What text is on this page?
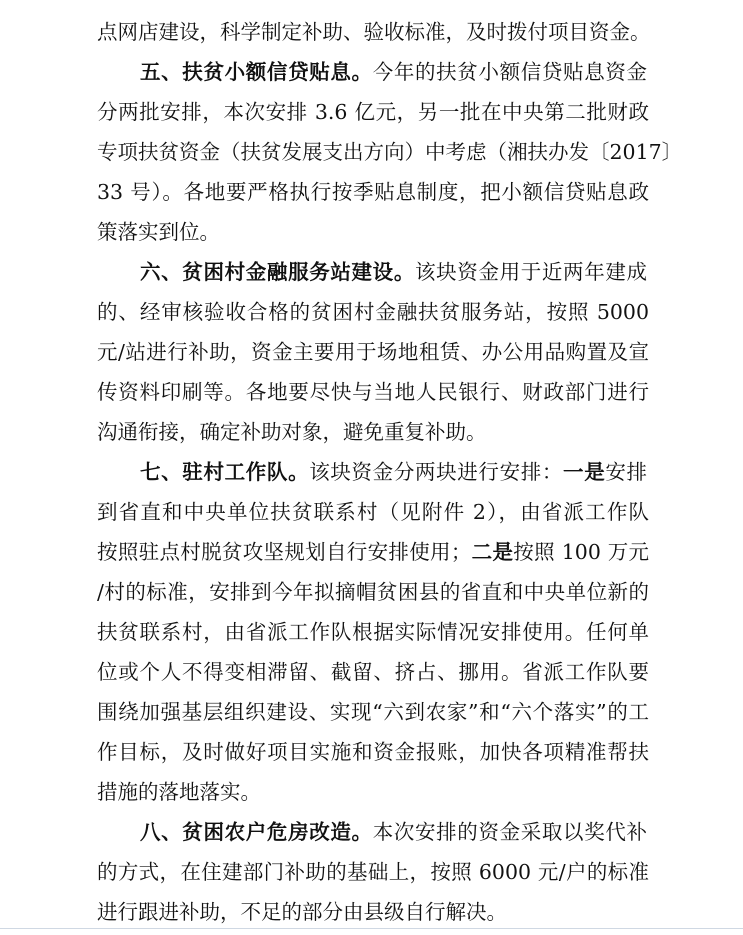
点网店建设，科学制定补助、验收标准，及时拨付项目资金。
五、扶贫小额信贷贴息。今年的扶贫小额信贷贴息资金
分两批安排，本次安排 3.6 亿元，另一批在中央第二批财政
专项扶贫资金（扶贫发展支出方向）中考虑（湘扶办发〔2017〕
33 号）。各地要严格执行按季贴息制度，把小额信贷贴息政
策落实到位。
六、贫困村金融服务站建设。该块资金用于近两年建成
的、经审核验收合格的贫困村金融扶贫服务站，按照 5000
元/站进行补助，资金主要用于场地租赁、办公用品购置及宣
传资料印刷等。各地要尽快与当地人民银行、财政部门进行
沟通衔接，确定补助对象，避免重复补助。
七、驻村工作队。该块资金分两块进行安排：一是安排
到省直和中央单位扶贫联系村（见附件 2），由省派工作队
按照驻点村脱贫攻坚规划自行安排使用；二是按照 100 万元
/村的标准，安排到今年拟摘帽贫困县的省直和中央单位新的
扶贫联系村，由省派工作队根据实际情况安排使用。任何单
位或个人不得变相滞留、截留、挤占、挪用。省派工作队要
围绕加强基层组织建设、实现“六到农家”和“六个落实”的工
作目标，及时做好项目实施和资金报账，加快各项精准帮扶
措施的落地落实。
八、贫困农户危房改造。本次安排的资金采取以奖代补
的方式，在住建部门补助的基础上，按照 6000 元/户的标准
进行跟进补助，不足的部分由县级自行解决。
